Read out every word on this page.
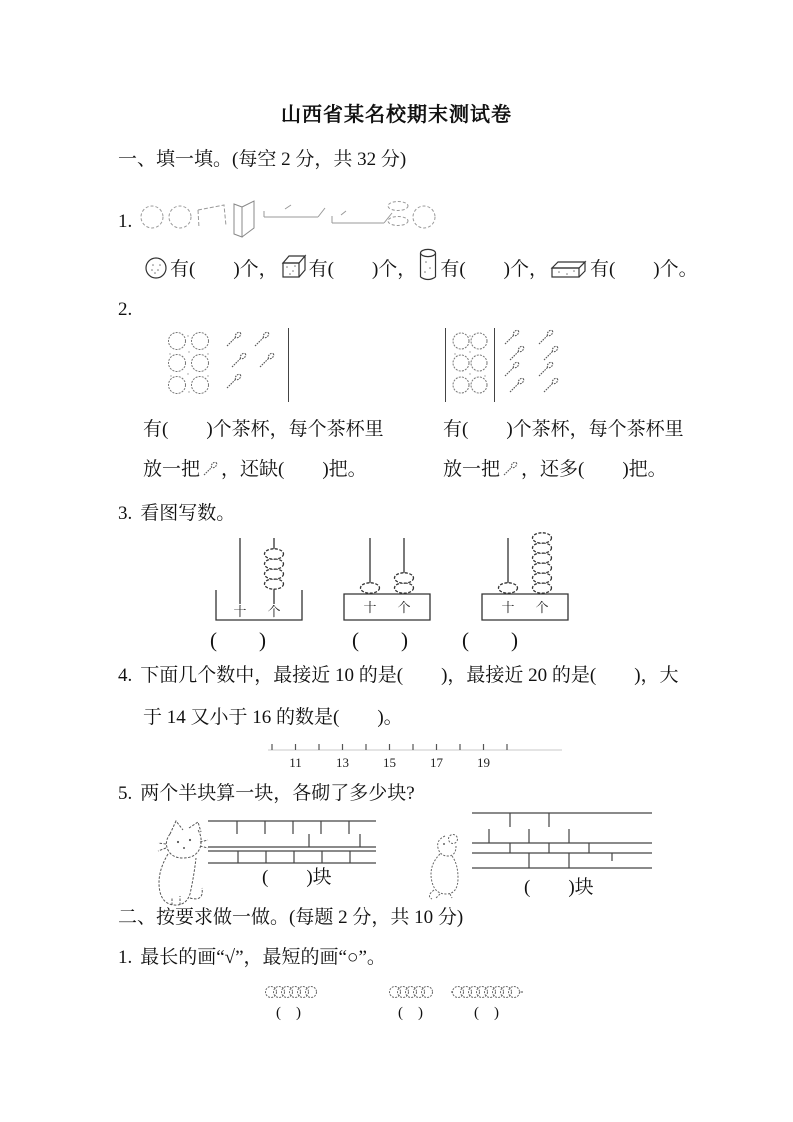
山西省某名校期末测试卷
一、填一填。(每空 2 分，共 32 分)
1.
有(　　)个， 有(　　)个， 有(　　)个， 有(　　)个。
2.
有(　　)个茶杯，每个茶杯里
放一把 ，还缺(　　)把。
有(　　)个茶杯，每个茶杯里
放一把 ，还多(　　)把。
3. 看图写数。
十 个	十 个	十 个
(　　)	(　　)	(　　)
4. 下面几个数中，最接近 10 的是(　　)，最接近 20 的是(　　)，大
于 14 又小于 16 的数是(　　)。
11	13	15	17	19
5. 两个半块算一块，各砌了多少块?
(　　)块	(　　)块
二、按要求做一做。(每题 2 分，共 10 分)
1. 最长的画“√”，最短的画“○”。
(　)	(　)	(　)
